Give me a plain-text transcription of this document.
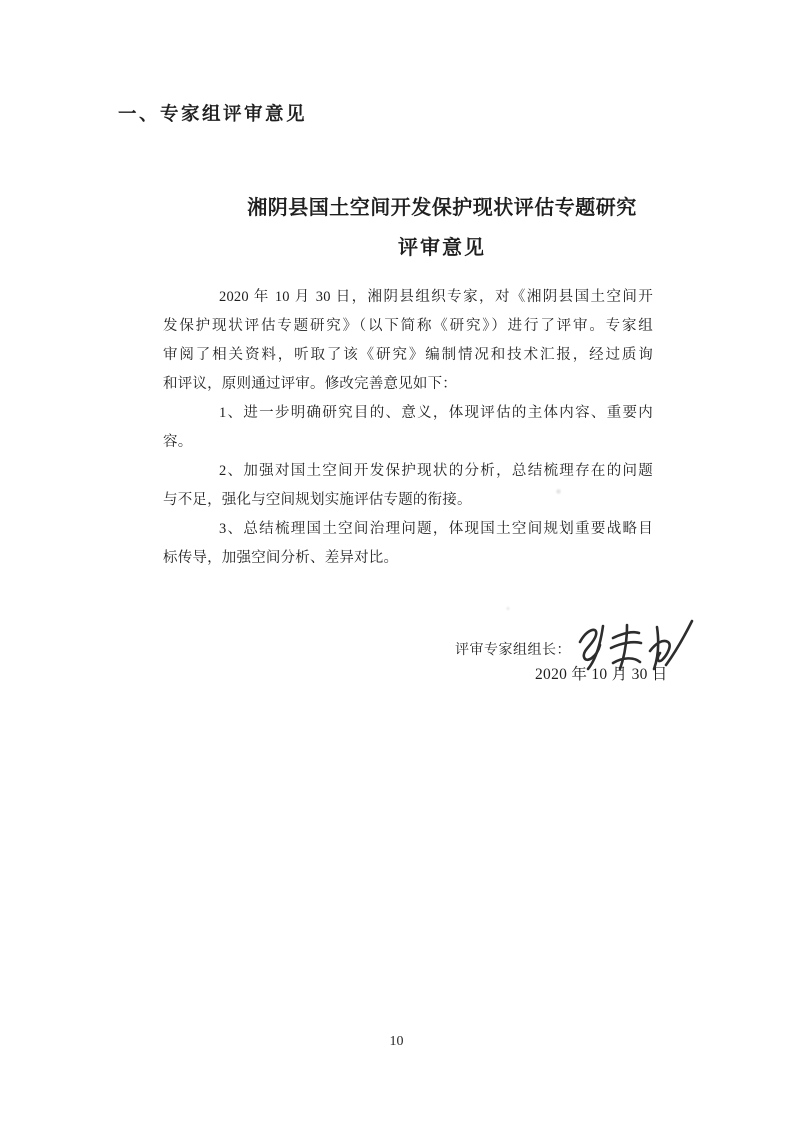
一、专家组评审意见
湘阴县国土空间开发保护现状评估专题研究
评审意见
2020 年 10 月 30 日，湘阴县组织专家，对《湘阴县国土空间开
发保护现状评估专题研究》（以下简称《研究》）进行了评审。专家组
审阅了相关资料，听取了该《研究》编制情况和技术汇报，经过质询
和评议，原则通过评审。修改完善意见如下：
1、进一步明确研究目的、意义，体现评估的主体内容、重要内
容。
2、加强对国土空间开发保护现状的分析，总结梳理存在的问题
与不足，强化与空间规划实施评估专题的衔接。
3、总结梳理国土空间治理问题，体现国土空间规划重要战略目
标传导，加强空间分析、差异对比。
评审专家组组长：
2020 年 10 月 30 日
10
